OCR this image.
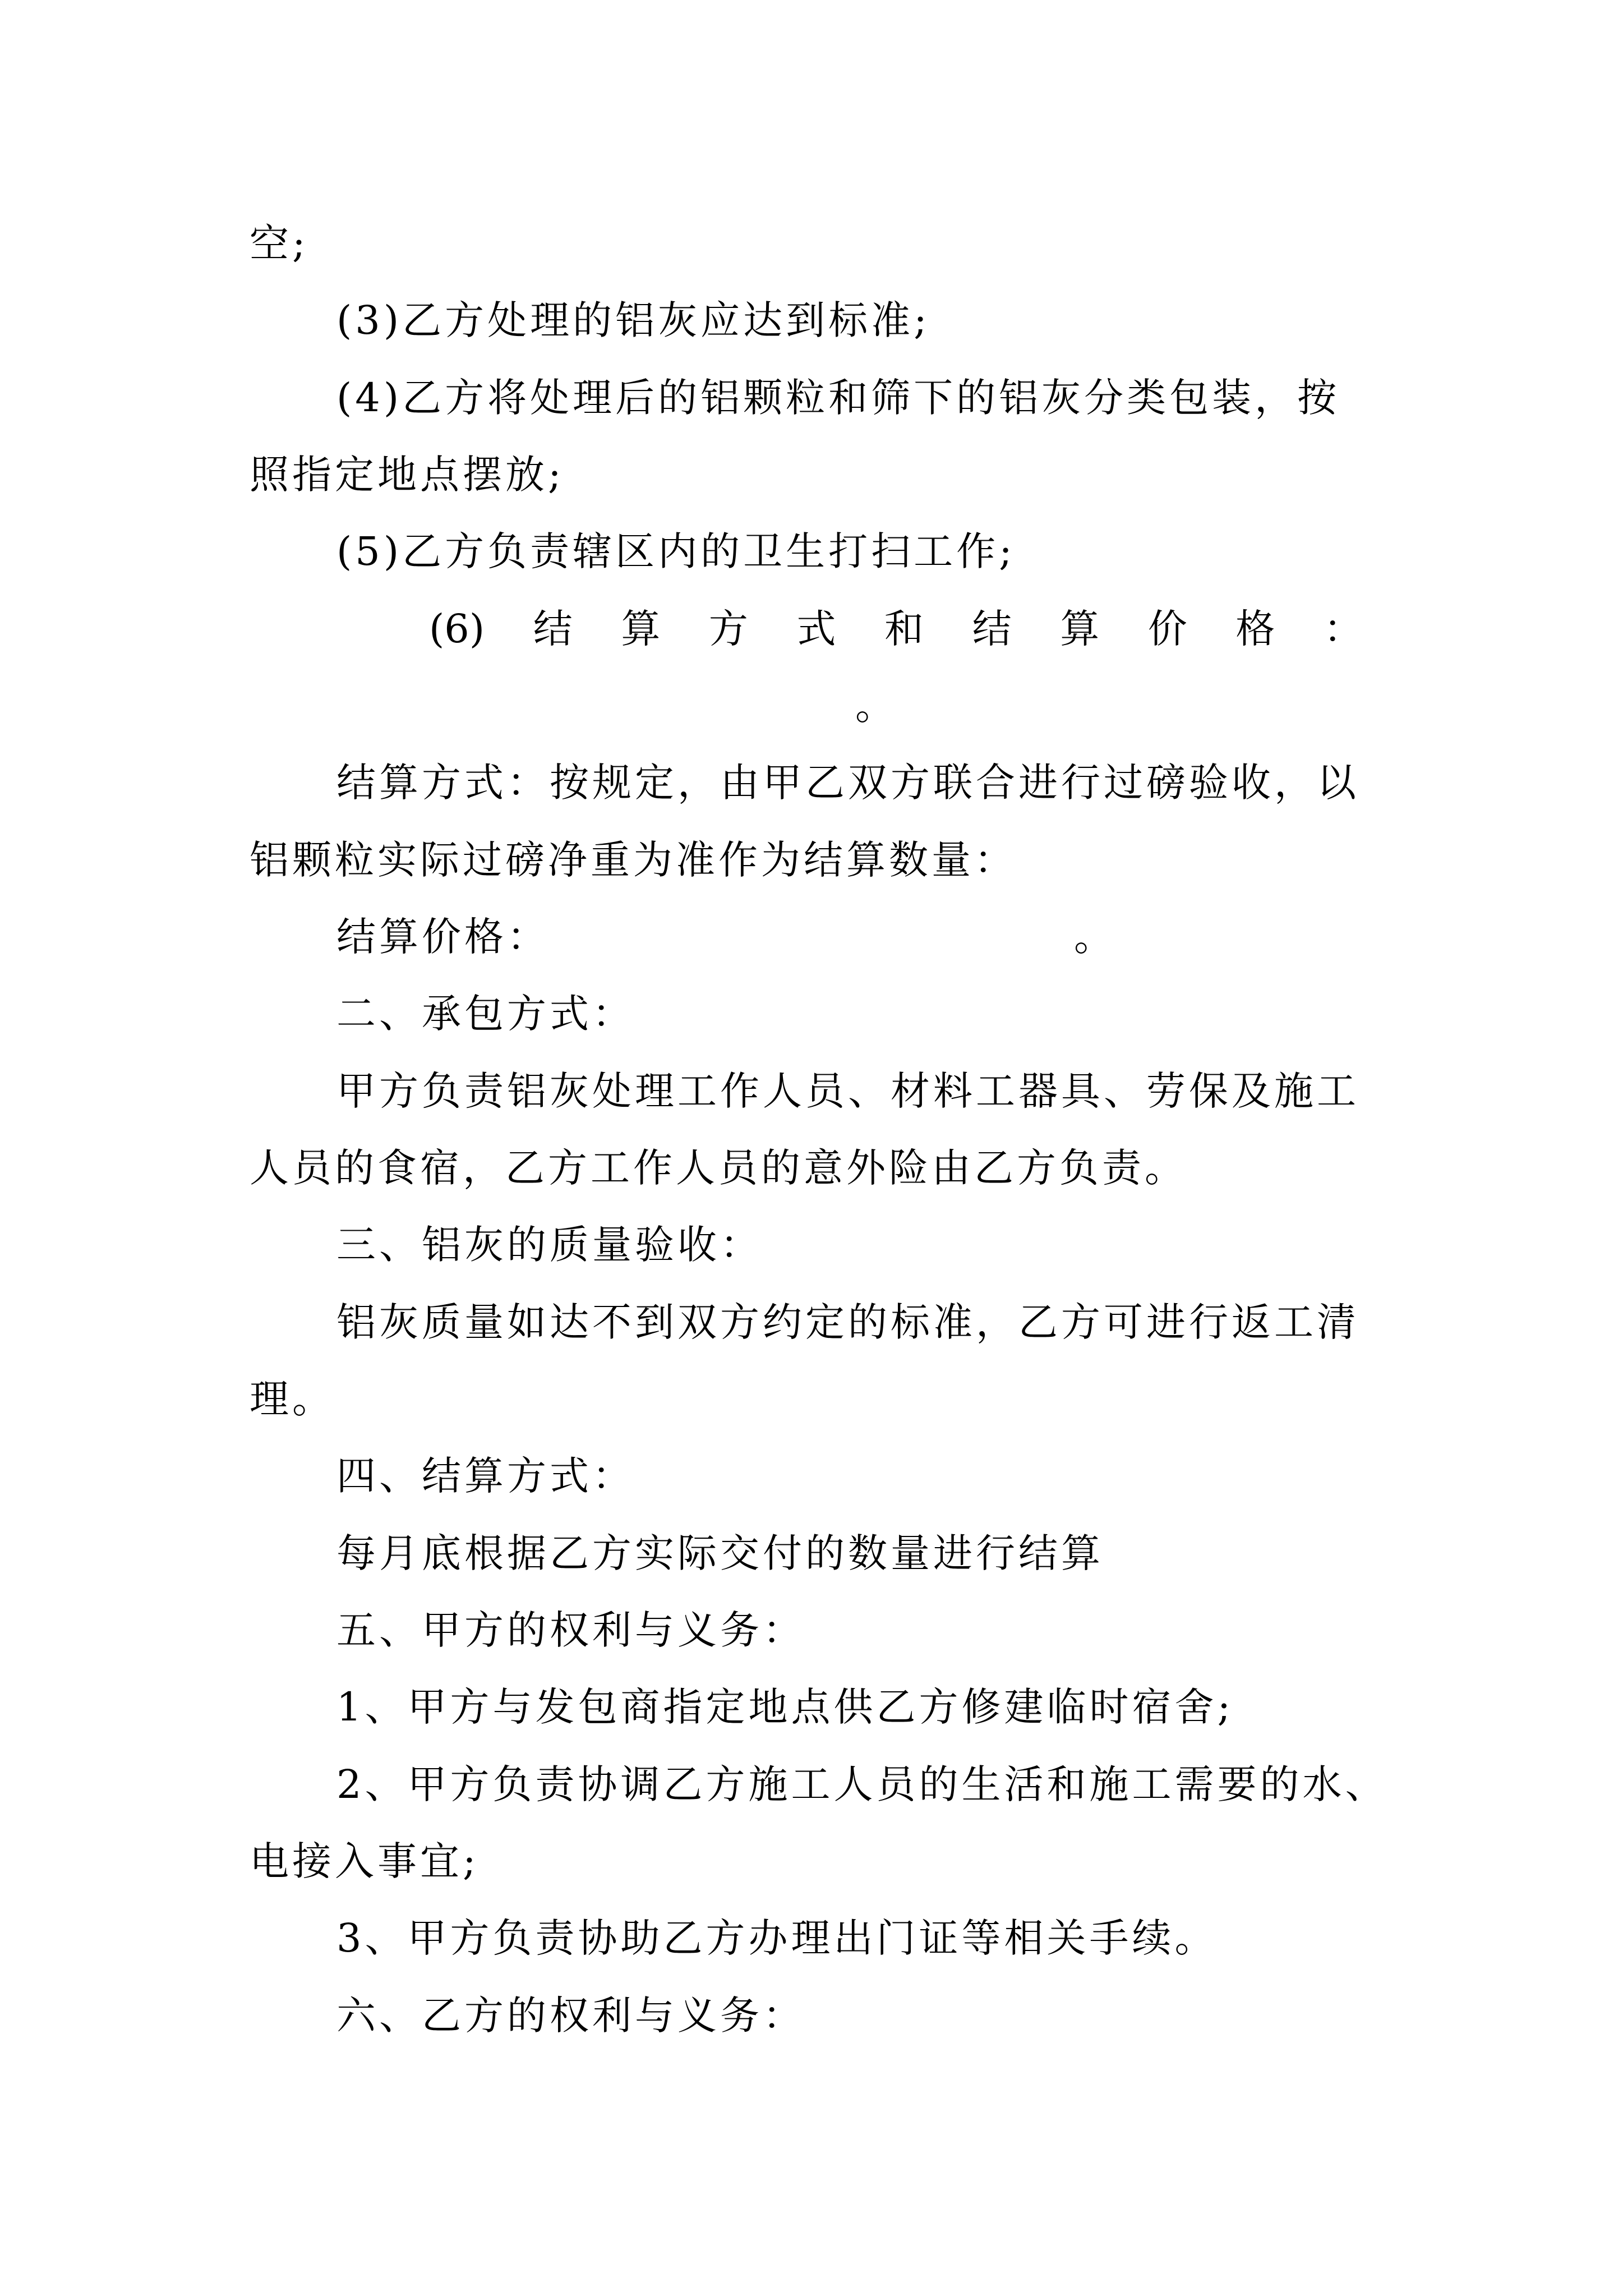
空;
(3)乙方处理的铝灰应达到标准;
(4)乙方将处理后的铝颗粒和筛下的铝灰分类包装，按
照指定地点摆放;
(5)乙方负责辖区内的卫生打扫工作;
(6) 结 算 方 式 和 结 算 价 格 ：
。
结算方式：按规定，由甲乙双方联合进行过磅验收，以
铝颗粒实际过磅净重为准作为结算数量：
结算价格：	。
二、承包方式：
甲方负责铝灰处理工作人员、材料工器具、劳保及施工
人员的食宿，乙方工作人员的意外险由乙方负责。
三、铝灰的质量验收：
铝灰质量如达不到双方约定的标准，乙方可进行返工清
理。
四、结算方式：
每月底根据乙方实际交付的数量进行结算
五、甲方的权利与义务：
1、甲方与发包商指定地点供乙方修建临时宿舍;
2、甲方负责协调乙方施工人员的生活和施工需要的水、
电接入事宜;
3、甲方负责协助乙方办理出门证等相关手续。
六、乙方的权利与义务：
